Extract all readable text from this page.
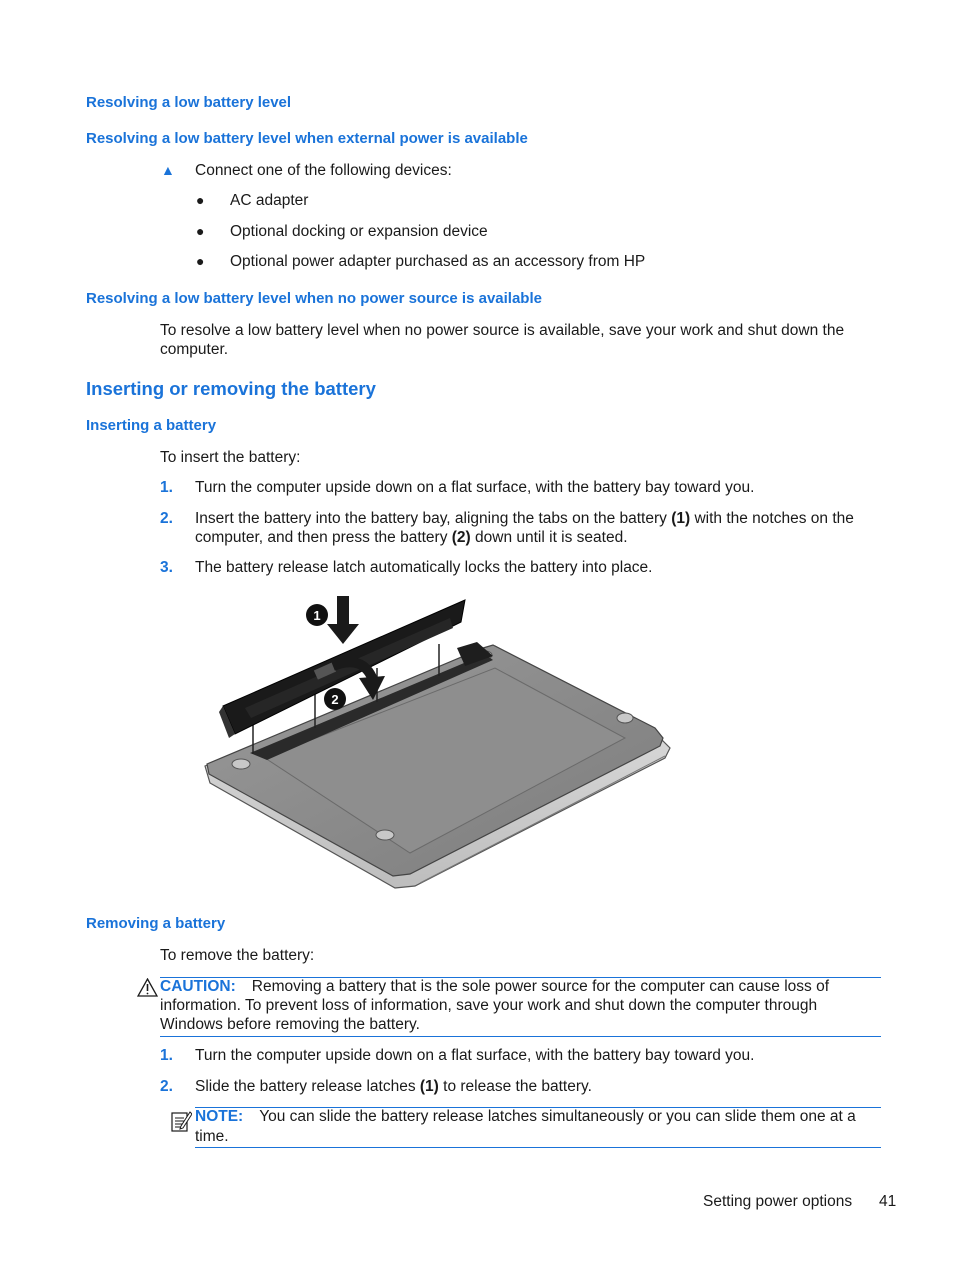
Resolving a low battery level
Resolving a low battery level when external power is available
▲ Connect one of the following devices:
● AC adapter
● Optional docking or expansion device
● Optional power adapter purchased as an accessory from HP
Resolving a low battery level when no power source is available
To resolve a low battery level when no power source is available, save your work and shut down the
computer.
Inserting or removing the battery
Inserting a battery
To insert the battery:
1. Turn the computer upside down on a flat surface, with the battery bay toward you.
2. Insert the battery into the battery bay, aligning the tabs on the battery (1) with the notches on the
computer, and then press the battery (2) down until it is seated.
3. The battery release latch automatically locks the battery into place.
1
2
Removing a battery
To remove the battery:
CAUTION: Removing a battery that is the sole power source for the computer can cause loss of
information. To prevent loss of information, save your work and shut down the computer through
Windows before removing the battery.
1. Turn the computer upside down on a flat surface, with the battery bay toward you.
2. Slide the battery release latches (1) to release the battery.
NOTE: You can slide the battery release latches simultaneously or you can slide them one at a
time.
Setting power options 41
